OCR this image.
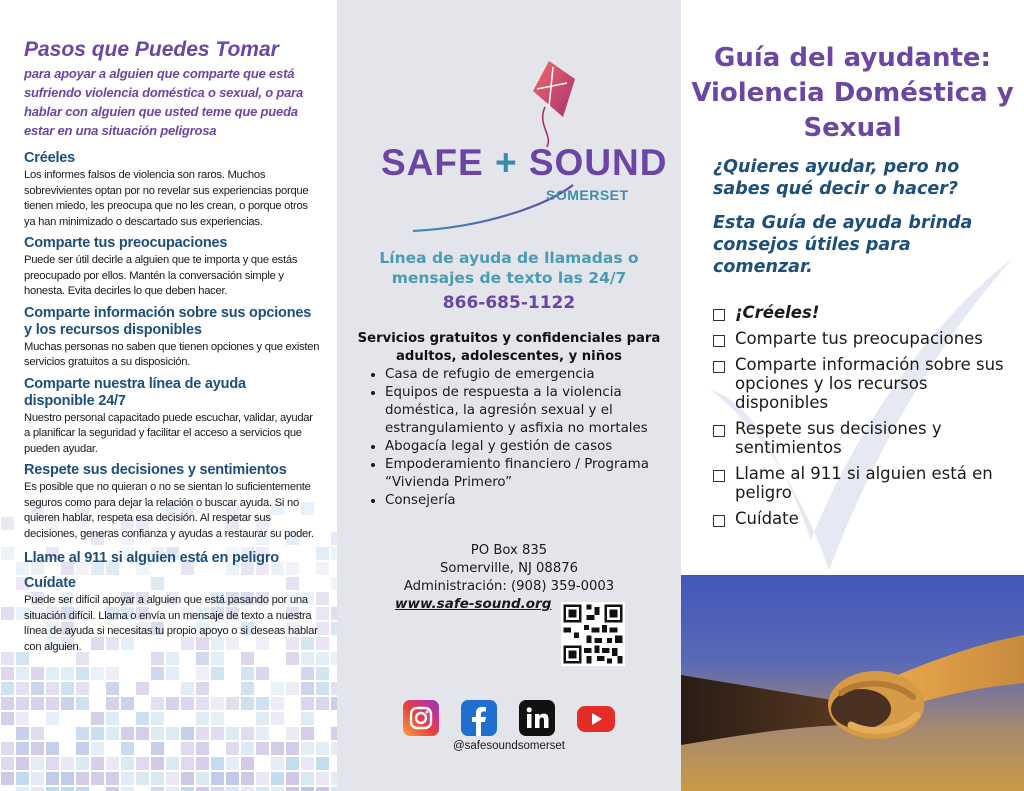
Pasos que Puedes Tomar

para apoyar a alguien que comparte que está sufriendo violencia doméstica o sexual, o para hablar con alguien que usted teme que pueda estar en una situación peligrosa

Créeles

Los informes falsos de violencia son raros. Muchos sobrevivientes optan por no revelar sus experiencias porque tienen miedo, les preocupa que no les crean, o porque otros ya han minimizado o descartado sus experiencias.

Comparte tus preocupaciones

Puede ser útil decirle a alguien que te importa y que estás preocupado por ellos. Mantén la conversación simple y honesta. Evita decirles lo que deben hacer.

Comparte información sobre sus opciones y los recursos disponibles

Muchas personas no saben que tienen opciones y que existen servicios gratuitos a su disposición.

Comparte nuestra línea de ayuda disponible 24/7

Nuestro personal capacitado puede escuchar, validar, ayudar a planificar la seguridad y facilitar el acceso a servicios que pueden ayudar.

Respete sus decisiones y sentimientos

Es posible que no quieran o no se sientan lo suficientemente seguros como para dejar la relación o buscar ayuda. Si no quieren hablar, respeta esa decisión. Al respetar sus decisiones, generas confianza y ayudas a restaurar su poder.

Llame al 911 si alguien está en peligro
Cuídate

Puede ser difícil apoyar a alguien que está pasando por una situación difícil. Llama o envía un mensaje de texto a nuestra línea de ayuda si necesitas tu propio apoyo o si deseas hablar con alguien.

SAFE + SOUND
SOMERSET
Línea de ayuda de llamadas o mensajes de texto las 24/7
866-685-1122
Servicios gratuitos y confidenciales para adultos, adolescentes, y niños
• Casa de refugio de emergencia
• Equipos de respuesta a la violencia doméstica, la agresión sexual y el estrangulamiento y asfixia no mortales
• Abogacía legal y gestión de casos
• Empoderamiento financiero / Programa “Vivienda Primero”
• Consejería
PO Box 835
Somerville, NJ 08876
Administración: (908) 359-0003
www.safe-sound.org
@safesoundsomerset
Guía del ayudante: Violencia Doméstica y Sexual
¿Quieres ayudar, pero no sabes qué decir o hacer?
Esta Guía de ayuda brinda consejos útiles para comenzar.
¡Créeles!
Comparte tus preocupaciones
Comparte información sobre sus opciones y los recursos disponibles
Respete sus decisiones y sentimientos
Llame al 911 si alguien está en peligro
Cuídate
